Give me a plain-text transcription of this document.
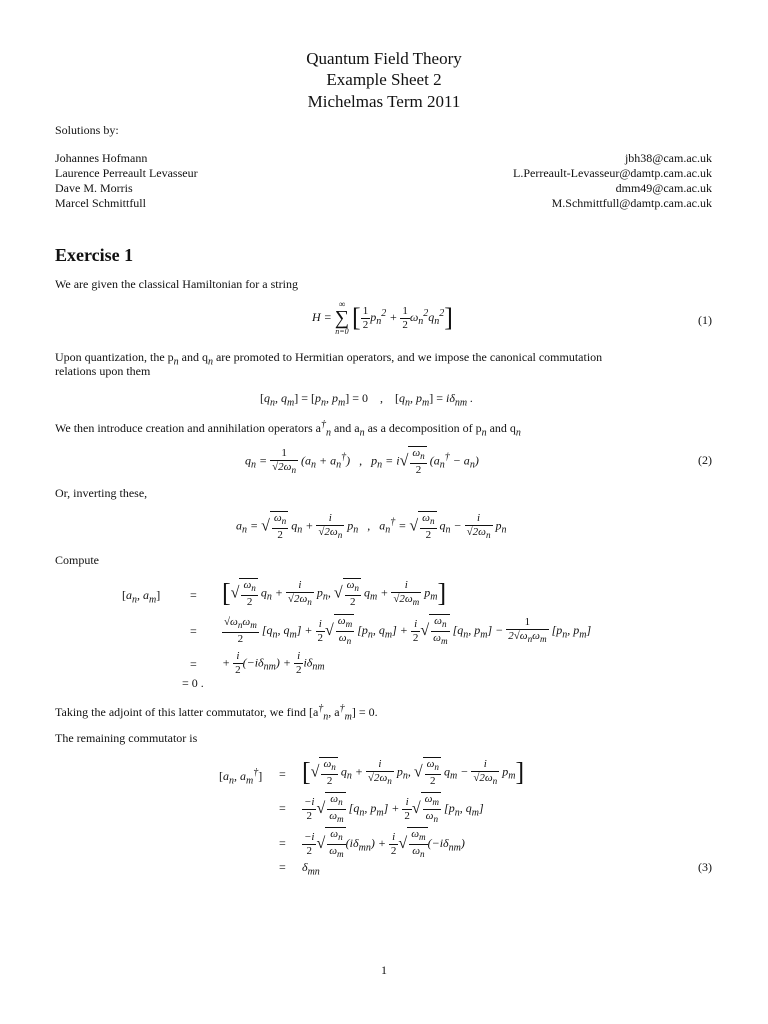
Quantum Field Theory
Example Sheet 2
Michelmas Term 2011
Solutions by:
Johannes Hofmann	jbh38@cam.ac.uk
Laurence Perreault Levasseur	L.Perreault-Levasseur@damtp.cam.ac.uk
Dave M. Morris	dmm49@cam.ac.uk
Marcel Schmittfull	M.Schmittfull@damtp.cam.ac.uk
Exercise 1
We are given the classical Hamiltonian for a string
H =
∞
∑
n=0 [ $\frac{1}{2} p_n^2 + \frac{1}{2} \omega_n^2q_n^2$]	(1)
Upon quantization, the $p_n$ and $q_n$ are promoted to Hermitian operators, and we impose the canonical commutation
relations upon them
[$q_n$, $q_m] = [p_n$, $p_m] = 0$    ,    [$q_n$, $p_m] = i\delta_{nm}$ .
We then introduce creation and annihilation operators $a^\dagger_n$ and $a_n$ as a decomposition of $p_n$ and $q_n$
$q_n = \frac{1}{√2\omega_n} (a_n + a_n^\dagger)$   ,   $p_n = i√ \frac{\omega_n}{2} (a_n^\dagger - a_n)$	(2)
Or, inverting these,
$a_n$ = √ $\frac{\omega_n}{2} q_n + \frac{i}{√2\omega_n} p_n$ ,   $a_n^\dagger$ = √ $\frac{\omega_n}{2} q_n - \frac{i}{√2\omega_n} p_n$
Compute
[$a_n$, $a_m$] = [√ $\frac{\omega_n}{2} q_n + \frac{i}{√2\omega_n} p_n$, √ $\frac{\omega_n}{2} q_m + \frac{i}{√2\omega_m} p_m$]
= $\frac{√\omega_n\omega_m}{2} [q_n$, $q_m] + \frac{i}{2}$ √ $\frac{\omega_m}{\omega_n} [p_n$, $q_m] + \frac{i}{2}$ √ $\frac{\omega_n}{\omega_m} [q_n$, $p_m] - \frac{1}{2√\omega_n\omega_m} [p_n$, $p_m$]
= + $\frac{i}{2} (-i\delta_{nm}) + \frac{i}{2} i\delta_{nm}$
= 0 .
Taking the adjoint of this latter commutator, we find [$a^\dagger_n$, $a^\dagger_m] = 0$.
The remaining commutator is
[$a_n$, $a_m^\dagger$] = [√ $\frac{\omega_n}{2} q_n + \frac{i}{√2\omega_n} p_n$, √ $\frac{\omega_n}{2} q_m - \frac{i}{√2\omega_n} p_m$]
= $\frac{-i}{2}$ √ $\frac{\omega_n}{\omega_m} [q_n$, $p_m] + \frac{i}{2}$ √ $\frac{\omega_m}{\omega_n} [p_n$, $q_m$]
= $\frac{-i}{2}$ √ $\frac{\omega_n}{\omega_m} (i\delta_{mn}) + \frac{i}{2}$ √ $\frac{\omega_m}{\omega_n} (-i\delta_{nm})$
= $\delta_{mn}$	(3)
1
